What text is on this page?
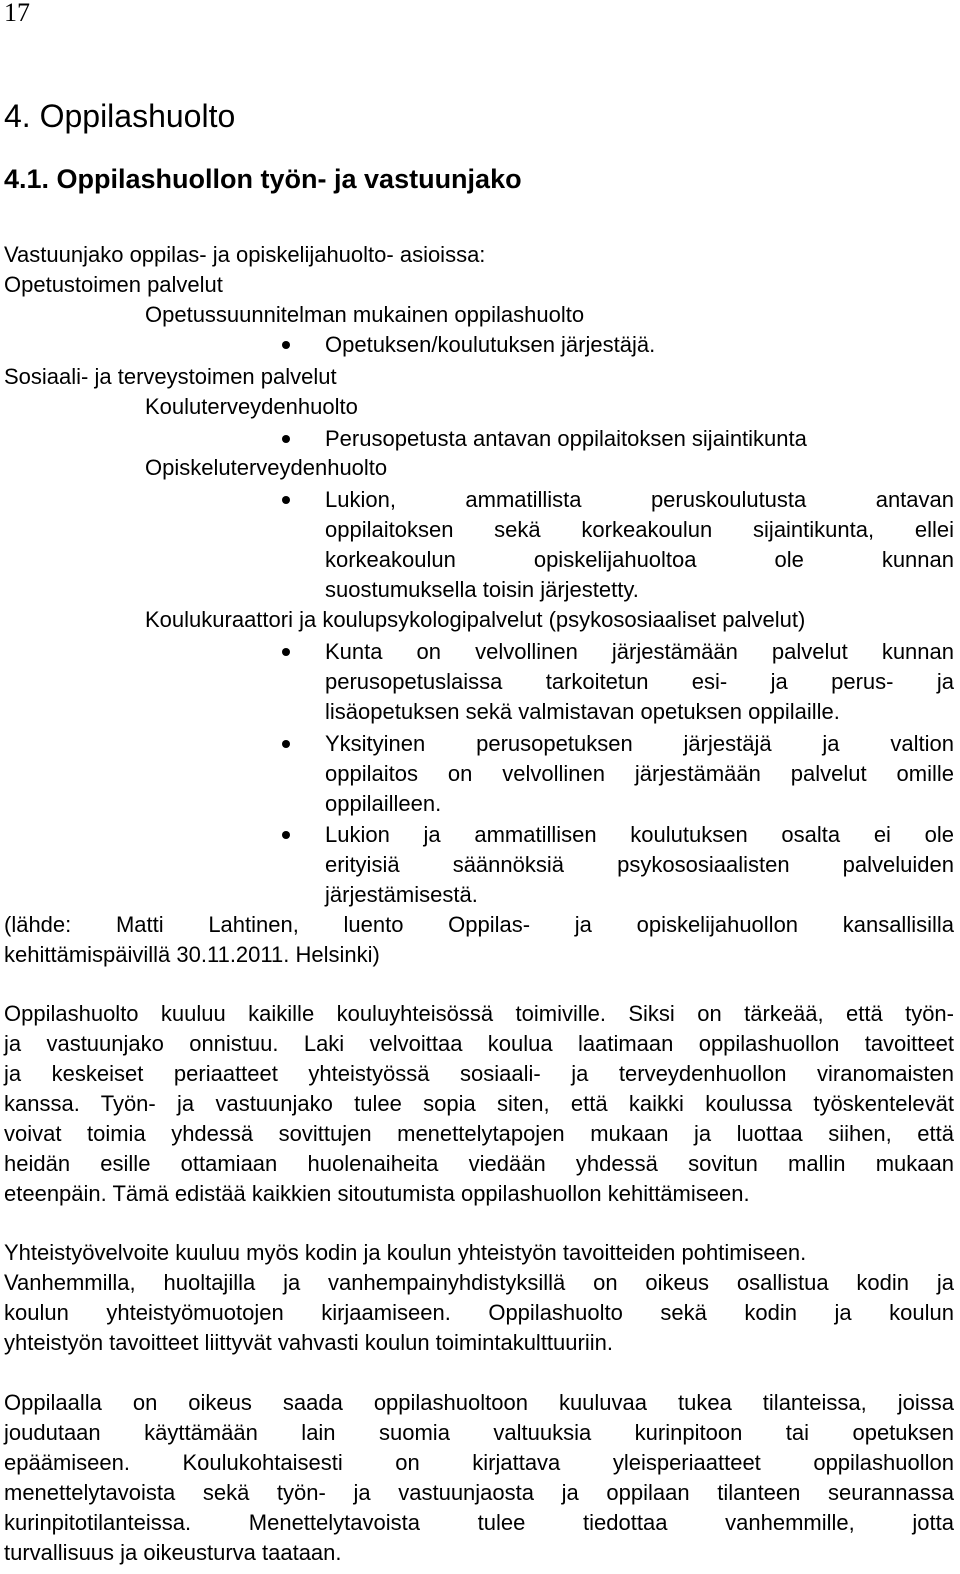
17
4. Oppilashuolto
4.1. Oppilashuollon työn- ja vastuunjako
Vastuunjako oppilas- ja opiskelijahuolto- asioissa:
Opetustoimen palvelut
Opetussuunnitelman mukainen oppilashuolto
Opetuksen/koulutuksen järjestäjä.
Sosiaali- ja terveystoimen palvelut
Kouluterveydenhuolto
Perusopetusta antavan oppilaitoksen sijaintikunta
Opiskeluterveydenhuolto
Lukion, ammatillista peruskoulutusta antavan
oppilaitoksen sekä korkeakoulun sijaintikunta, ellei
korkeakoulun opiskelijahuoltoa ole kunnan
suostumuksella toisin järjestetty.
Koulukuraattori ja koulupsykologipalvelut (psykososiaaliset palvelut)
Kunta on velvollinen järjestämään palvelut kunnan
perusopetuslaissa tarkoitetun esi- ja perus- ja
lisäopetuksen sekä valmistavan opetuksen oppilaille.
Yksityinen perusopetuksen järjestäjä ja valtion
oppilaitos on velvollinen järjestämään palvelut omille
oppilailleen.
Lukion ja ammatillisen koulutuksen osalta ei ole
erityisiä säännöksiä psykososiaalisten palveluiden
järjestämisestä.
(lähde: Matti Lahtinen, luento Oppilas- ja opiskelijahuollon kansallisilla
kehittämispäivillä 30.11.2011. Helsinki)
Oppilashuolto kuuluu kaikille kouluyhteisössä toimiville. Siksi on tärkeää, että työn-
ja vastuunjako onnistuu. Laki velvoittaa koulua laatimaan oppilashuollon tavoitteet
ja keskeiset periaatteet yhteistyössä sosiaali- ja terveydenhuollon viranomaisten
kanssa. Työn- ja vastuunjako tulee sopia siten, että kaikki koulussa työskentelevät
voivat toimia yhdessä sovittujen menettelytapojen mukaan ja luottaa siihen, että
heidän esille ottamiaan huolenaiheita viedään yhdessä sovitun mallin mukaan
eteenpäin. Tämä edistää kaikkien sitoutumista oppilashuollon kehittämiseen.
Yhteistyövelvoite kuuluu myös kodin ja koulun yhteistyön tavoitteiden pohtimiseen.
Vanhemmilla, huoltajilla ja vanhempainyhdistyksillä on oikeus osallistua kodin ja
koulun yhteistyömuotojen kirjaamiseen. Oppilashuolto sekä kodin ja koulun
yhteistyön tavoitteet liittyvät vahvasti koulun toimintakulttuuriin.
Oppilaalla on oikeus saada oppilashuoltoon kuuluvaa tukea tilanteissa, joissa
joudutaan käyttämään lain suomia valtuuksia kurinpitoon tai opetuksen
epäämiseen. Koulukohtaisesti on kirjattava yleisperiaatteet oppilashuollon
menettelytavoista sekä työn- ja vastuunjaosta ja oppilaan tilanteen seurannassa
kurinpitotilanteissa. Menettelytavoista tulee tiedottaa vanhemmille, jotta
turvallisuus ja oikeusturva taataan.
